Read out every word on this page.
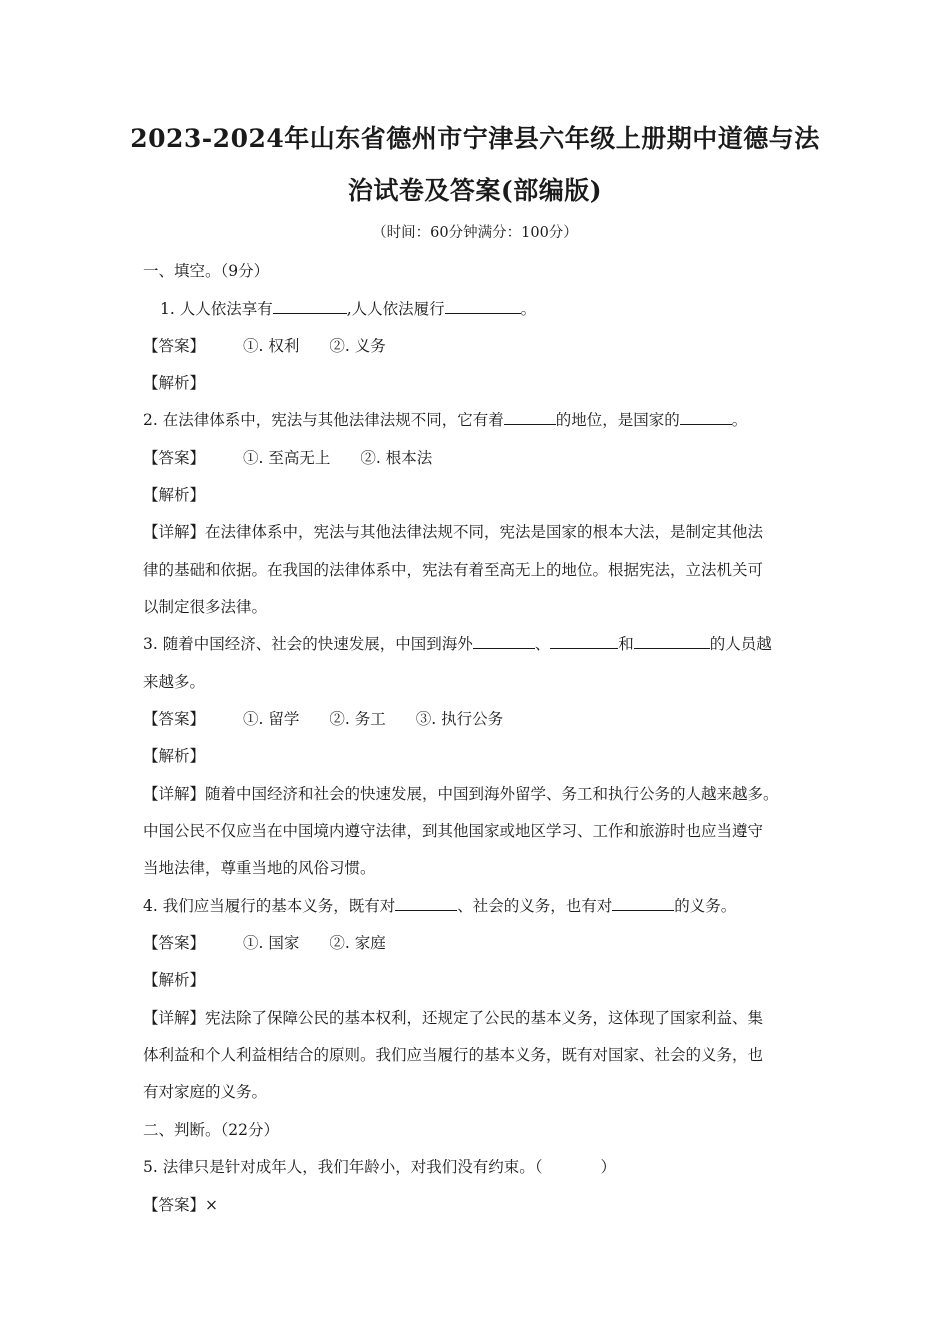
2023-2024年山东省德州市宁津县六年级上册期中道德与法
治试卷及答案(部编版)
（时间：60分钟满分：100分）
一、填空。（9分）
1. 人人依法享有	,人人依法履行	。
【答案】 ①. 权利 ②. 义务
【解析】
2. 在法律体系中，宪法与其他法律法规不同，它有着	的地位，是国家的	。
【答案】 ①. 至高无上 ②. 根本法
【解析】
【详解】在法律体系中，宪法与其他法律法规不同，宪法是国家的根本大法，是制定其他法
律的基础和依据。在我国的法律体系中，宪法有着至高无上的地位。根据宪法，立法机关可
以制定很多法律。
3. 随着中国经济、社会的快速发展，中国到海外	、	和	的人员越
来越多。
【答案】 ①. 留学 ②. 务工 ③. 执行公务
【解析】
【详解】随着中国经济和社会的快速发展，中国到海外留学、务工和执行公务的人越来越多。
中国公民不仅应当在中国境内遵守法律，到其他国家或地区学习、工作和旅游时也应当遵守
当地法律，尊重当地的风俗习惯。
4. 我们应当履行的基本义务，既有对	、社会的义务，也有对	的义务。
【答案】 ①. 国家 ②. 家庭
【解析】
【详解】宪法除了保障公民的基本权利，还规定了公民的基本义务，这体现了国家利益、集
体利益和个人利益相结合的原则。我们应当履行的基本义务，既有对国家、社会的义务，也
有对家庭的义务。
二、判断。（22分）
5. 法律只是针对成年人，我们年龄小，对我们没有约束。（	）
【答案】×
